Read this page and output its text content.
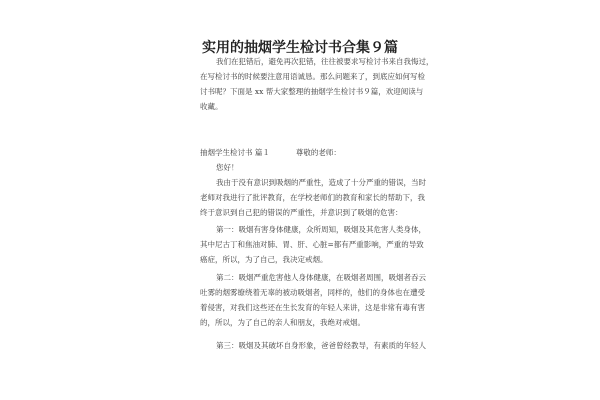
实用的抽烟学生检讨书合集９篇
我们在犯错后，避免再次犯错，往往被要求写检讨书来自我悔过，
在写检讨书的时候要注意用语诚恳。那么问题来了，到底应如何写检
讨书呢？下面是 xx 帮大家整理的抽烟学生检讨书９篇，欢迎阅读与
收藏。
抽烟学生检讨书 篇１	尊敬的老师：
您好！
我由于没有意识到吸烟的严重性，造成了十分严重的错误，当时
老师对我进行了批评教育，在学校老师们的教育和家长的帮助下，我
终于意识到自己犯的错误的严重性，并意识到了吸烟的危害：
第一：吸烟有害身体健康，众所周知，吸烟及其危害人类身体，
其中尼古丁和焦油对肺、胃、肝、心脏=都有严重影响，严重的导致
癌症，所以，为了自己，我决定戒烟。
第二：吸烟严重危害他人身体健康，在吸烟者周围，吸烟者吞云
吐雾的烟雾缭绕着无辜的被动吸烟者，同样的，他们的身体也在遭受
着侵害，对我们这些还在生长发育的年轻人来讲，这是非常有毒有害
的，所以，为了自己的亲人和朋友，我绝对戒烟。
第三：吸烟及其破坏自身形象，爸爸曾经教导，有素质的年轻人
